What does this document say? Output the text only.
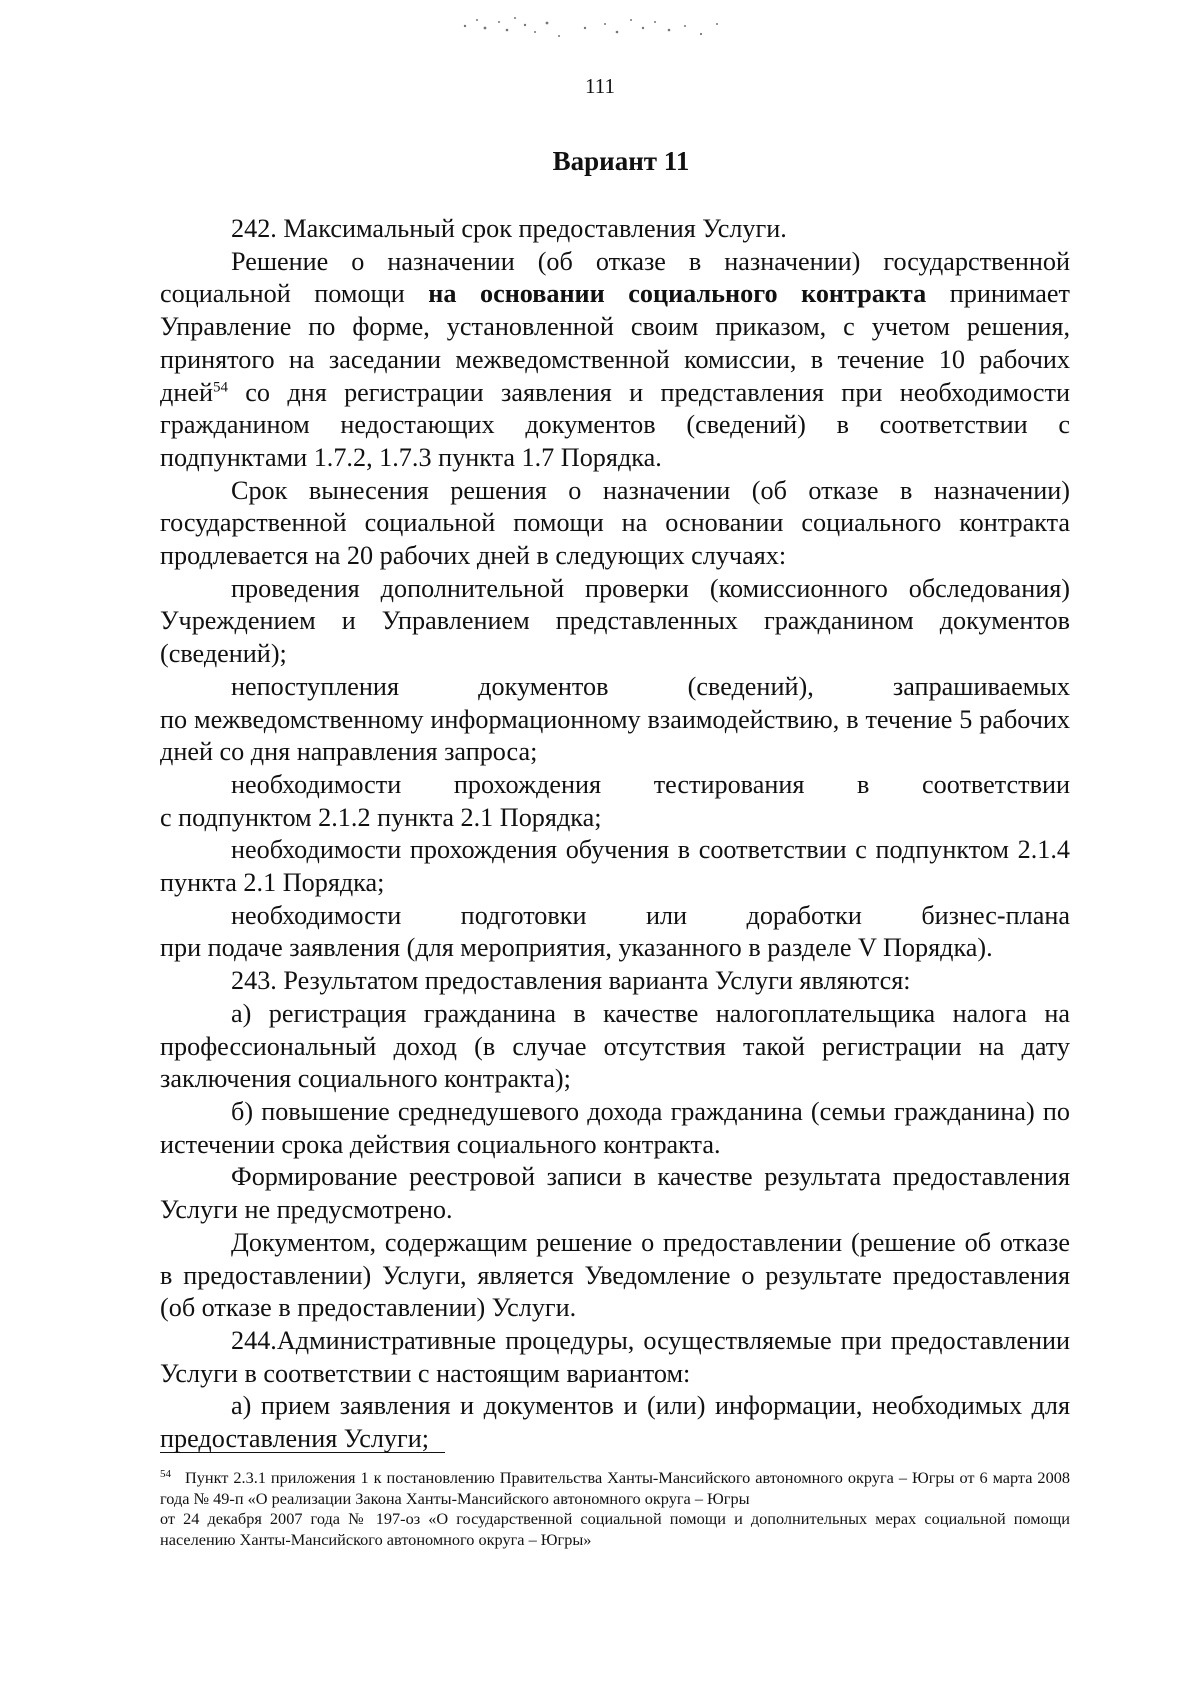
111
Вариант 11

242. Максимальный срок предоставления Услуги.

Решение о назначении (об отказе в назначении) государственной социальной помощи на основании социального контракта принимает Управление по форме, установленной своим приказом, с учетом решения, принятого на заседании межведомственной комиссии, в течение 10 рабочих дней$^{54}$ со дня регистрации заявления и представления при необходимости гражданином недостающих документов (сведений) в соответствии с подпунктами 1.7.2, 1.7.3 пункта 1.7 Порядка.

Срок вынесения решения о назначении (об отказе в назначении) государственной социальной помощи на основании социального контракта продлевается на 20 рабочих дней в следующих случаях:

проведения дополнительной проверки (комиссионного обследования) Учреждением и Управлением представленных гражданином документов (сведений);

непоступления документов (сведений), запрашиваемых

по межведомственному информационному взаимодействию, в течение 5 рабочих дней со дня направления запроса;

необходимости прохождения тестирования в соответствии

с подпунктом 2.1.2 пункта 2.1 Порядка;

необходимости прохождения обучения в соответствии с подпунктом 2.1.4 пункта 2.1 Порядка;

необходимости подготовки или доработки бизнес-плана

при подаче заявления (для мероприятия, указанного в разделе V Порядка).

243. Результатом предоставления варианта Услуги являются:

а) регистрация гражданина в качестве налогоплательщика налога на профессиональный доход (в случае отсутствия такой регистрации на дату заключения социального контракта);

б) повышение среднедушевого дохода гражданина (семьи гражданина) по истечении срока действия социального контракта.

Формирование реестровой записи в качестве результата предоставления Услуги не предусмотрено.

Документом, содержащим решение о предоставлении (решение об отказе в предоставлении) Услуги, является Уведомление о результате предоставления (об отказе в предоставлении) Услуги.

244.Административные процедуры, осуществляемые при предоставлении Услуги в соответствии с настоящим вариантом:

а) прием заявления и документов и (или) информации, необходимых для предоставления Услуги;

$^{54}$ Пункт 2.3.1 приложения 1 к постановлению Правительства Ханты-Мансийского автономного округа – Югры от 6 марта 2008 года № 49-п «О реализации Закона Ханты-Мансийского автономного округа – Югры

от 24 декабря 2007 года № 197-оз «О государственной социальной помощи и дополнительных мерах социальной помощи населению Ханты-Мансийского автономного округа – Югры»
